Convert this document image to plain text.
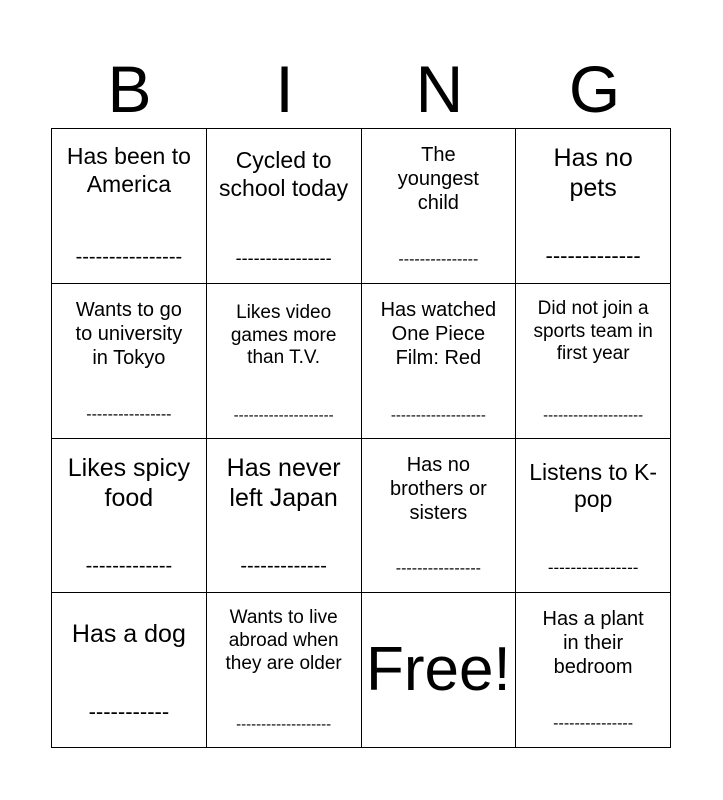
B	I	N	G
Has been to America
----------------
Cycled to school today
----------------
The youngest child
---------------
Has no pets
-------------
Wants to go to university in Tokyo
----------------
Likes video games more than T.V.
--------------------
Has watched One Piece Film: Red
-------------------
Did not join a sports team in first year
--------------------
Likes spicy food
-------------
Has never left Japan
-------------
Has no brothers or sisters
----------------
Listens to K-pop
----------------
Has a dog
-----------
Wants to live abroad when they are older
-------------------
Free!
Has a plant in their bedroom
---------------
